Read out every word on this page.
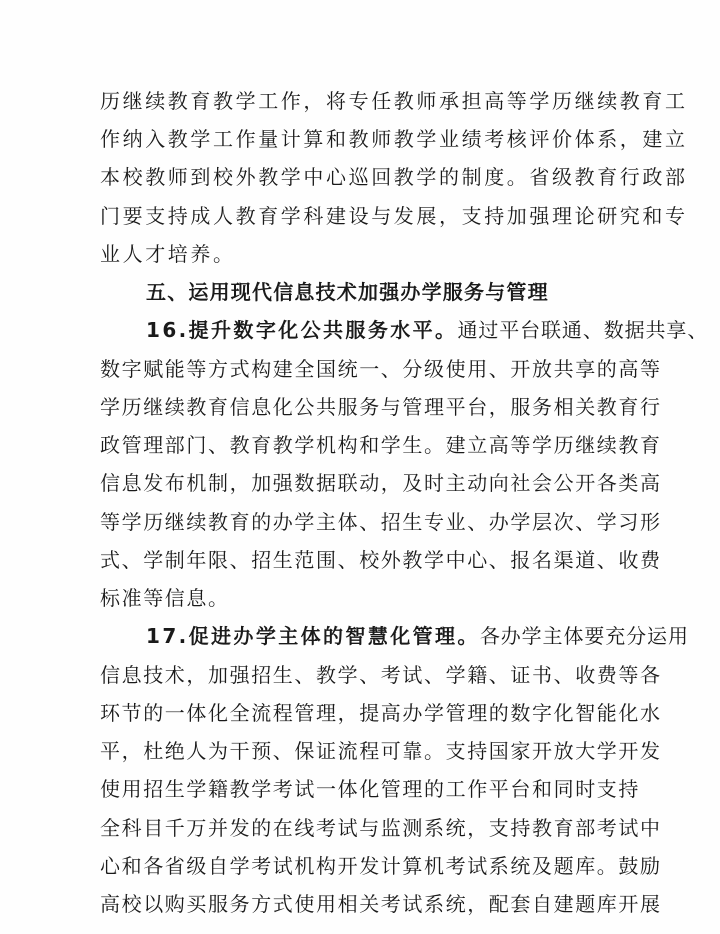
历继续教育教学工作，将专任教师承担高等学历继续教育工
作纳入教学工作量计算和教师教学业绩考核评价体系，建立
本校教师到校外教学中心巡回教学的制度。省级教育行政部
门要支持成人教育学科建设与发展，支持加强理论研究和专
业人才培养。
五、运用现代信息技术加强办学服务与管理
16.提升数字化公共服务水平。通过平台联通、数据共享、
数字赋能等方式构建全国统一、分级使用、开放共享的高等
学历继续教育信息化公共服务与管理平台，服务相关教育行
政管理部门、教育教学机构和学生。建立高等学历继续教育
信息发布机制，加强数据联动，及时主动向社会公开各类高
等学历继续教育的办学主体、招生专业、办学层次、学习形
式、学制年限、招生范围、校外教学中心、报名渠道、收费
标准等信息。
17.促进办学主体的智慧化管理。各办学主体要充分运用
信息技术，加强招生、教学、考试、学籍、证书、收费等各
环节的一体化全流程管理，提高办学管理的数字化智能化水
平，杜绝人为干预、保证流程可靠。支持国家开放大学开发
使用招生学籍教学考试一体化管理的工作平台和同时支持
全科目千万并发的在线考试与监测系统，支持教育部考试中
心和各省级自学考试机构开发计算机考试系统及题库。鼓励
高校以购买服务方式使用相关考试系统，配套自建题库开展
